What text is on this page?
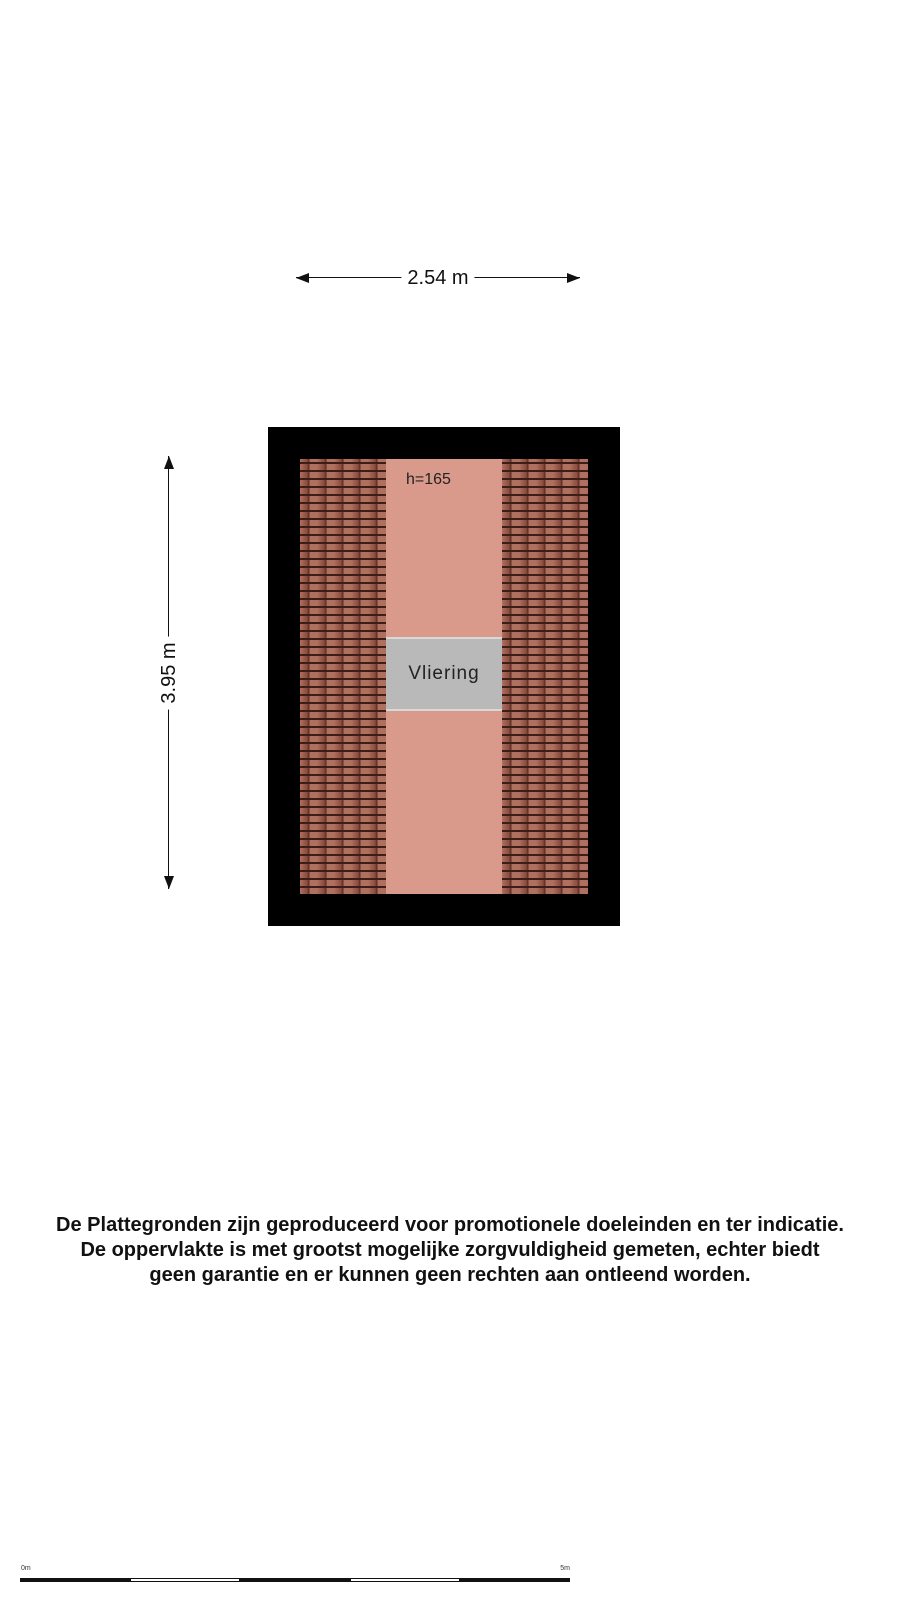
2.54 m
3.95 m
h=165
Vliering
De Plattegronden zijn geproduceerd voor promotionele doeleinden en ter indicatie.
De oppervlakte is met grootst mogelijke zorgvuldigheid gemeten, echter biedt
geen garantie en er kunnen geen rechten aan ontleend worden.
0m	5m
